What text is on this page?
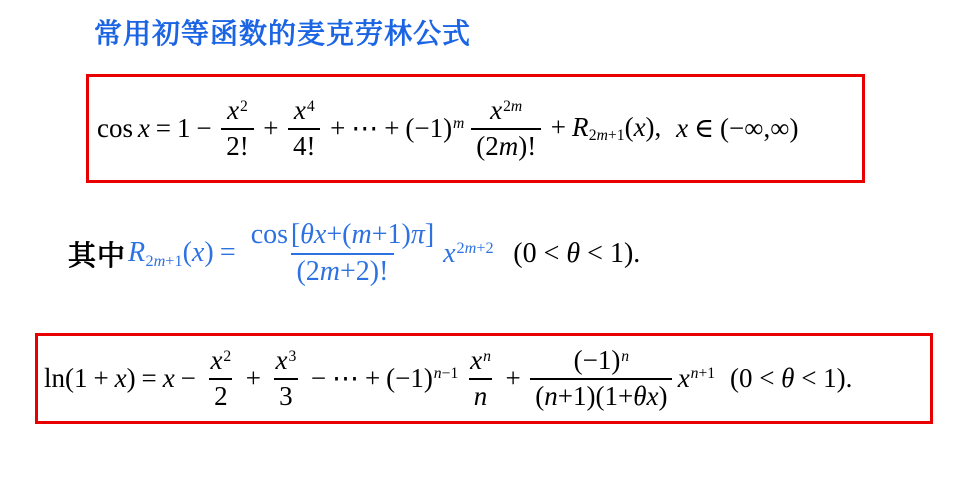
常用初等函数的麦克劳林公式
$\cos x = 1 - \frac{x^2}{2!} + \frac{x^4}{4!}$ + ⋯ + $(-1)^m \frac{x^{2m}}{(2m)!} + R_{2m+1}(x)$, x ∈ (−∞,∞)
其中 $R_{2m+1}(x) = \frac{\cos[\theta x+(m+1)\pi]}{(2m+2)!} x^{2m+2}$ (0 < θ < 1).
$\ln(1 + x) = x - \frac{x^2}{2} + \frac{x^3}{3}$ − ⋯ + $(-1)^{n-1} \frac{x^n}{n} + \frac{(-1)^n}{(n+1)(1+\theta x)} x^{n+1}$ (0 < θ < 1).
